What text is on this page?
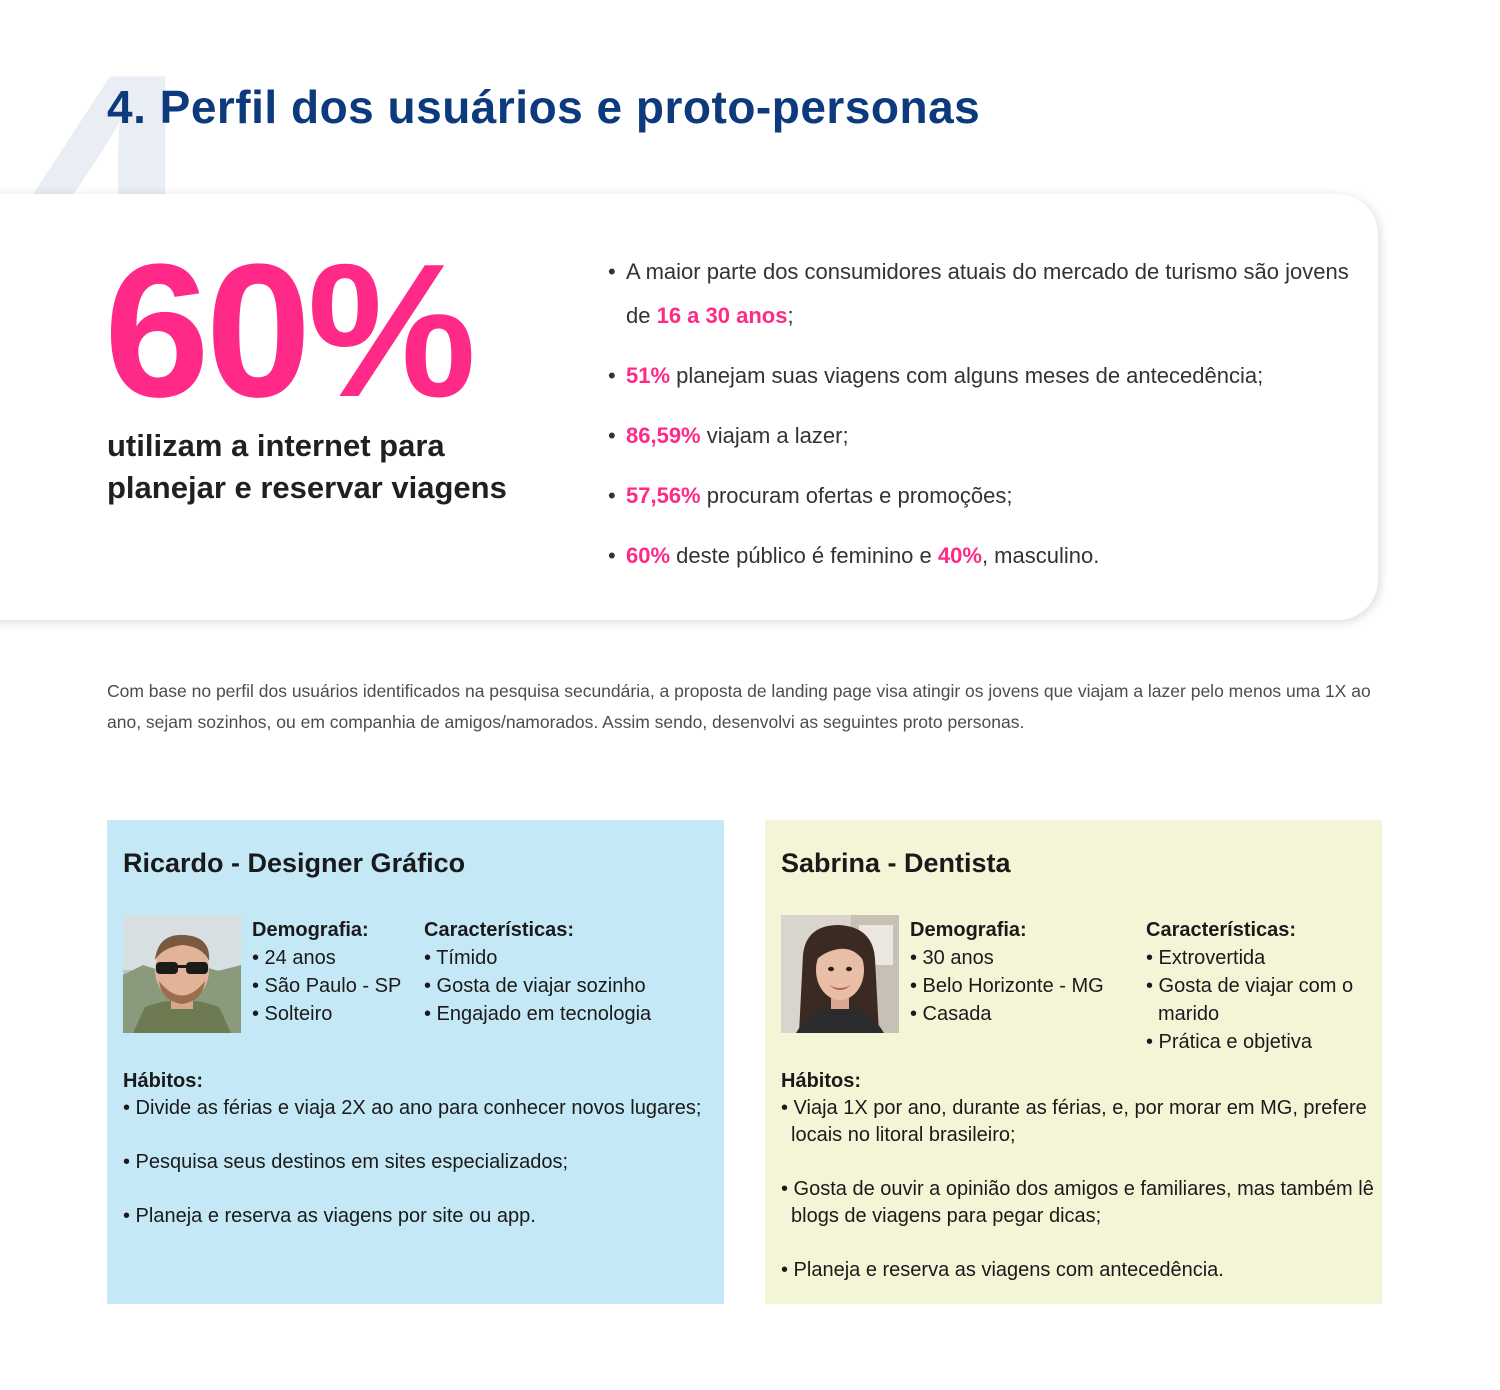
4. Perfil dos usuários e proto-personas
60%
utilizam a internet para planejar e reservar viagens
• A maior parte dos consumidores atuais do mercado de turismo são jovens de 16 a 30 anos;
• 51% planejam suas viagens com alguns meses de antecedência;
• 86,59% viajam a lazer;
• 57,56% procuram ofertas e promoções;
• 60% deste público é feminino e 40%, masculino.

Com base no perfil dos usuários identificados na pesquisa secundária, a proposta de landing page visa atingir os jovens que viajam a lazer pelo menos uma 1X ao ano, sejam sozinhos, ou em companhia de amigos/namorados. Assim sendo, desenvolvi as seguintes proto personas.

Ricardo - Designer Gráfico
Demografia:
• 24 anos
• São Paulo - SP
• Solteiro
Características:
• Tímido
• Gosta de viajar sozinho
• Engajado em tecnologia
Hábitos:
• Divide as férias e viaja 2X ao ano para conhecer novos lugares;
• Pesquisa seus destinos em sites especializados;
• Planeja e reserva as viagens por site ou app.
Sabrina - Dentista
Demografia:
• 30 anos
• Belo Horizonte - MG
• Casada
Características:
• Extrovertida
• Gosta de viajar com o marido
• Prática e objetiva
Hábitos:
• Viaja 1X por ano, durante as férias, e, por morar em MG, prefere locais no litoral brasileiro;
• Gosta de ouvir a opinião dos amigos e familiares, mas também lê blogs de viagens para pegar dicas;
• Planeja e reserva as viagens com antecedência.
